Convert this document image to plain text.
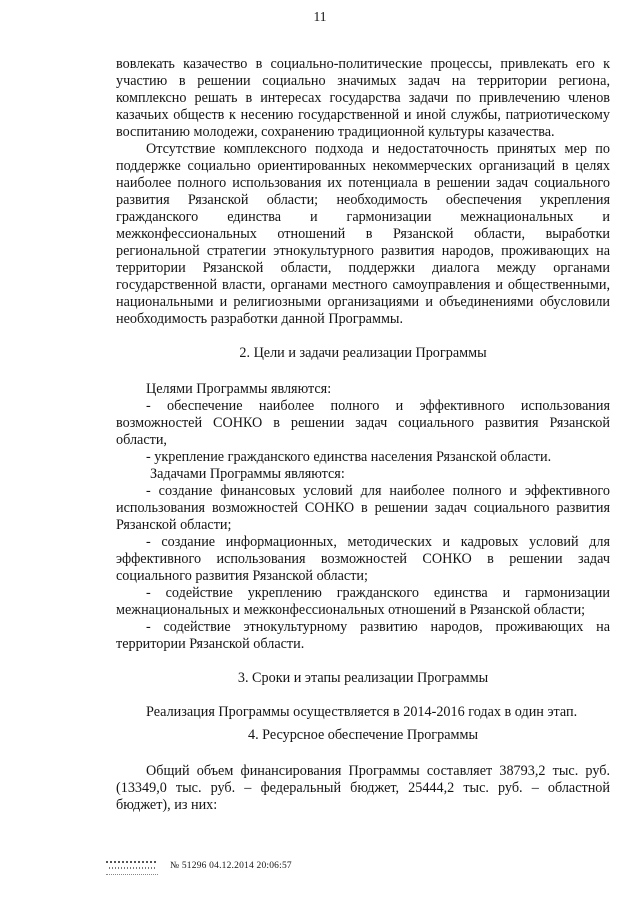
11

вовлекать казачество в социально-политические процессы, привлекать его к участию в решении социально значимых задач на территории региона, комплексно решать в интересах государства задачи по привлечению членов казачьих обществ к несению государственной и иной службы, патриотическому воспитанию молодежи, сохранению традиционной культуры казачества.

Отсутствие комплексного подхода и недостаточность принятых мер по поддержке социально ориентированных некоммерческих организаций в целях наиболее полного использования их потенциала в решении задач социального развития Рязанской области; необходимость обеспечения укрепления гражданского единства и гармонизации межнациональных и межконфессиональных отношений в Рязанской области, выработки региональной стратегии этнокультурного развития народов, проживающих на территории Рязанской области, поддержки диалога между органами государственной власти, органами местного самоуправления и общественными, национальными и религиозными организациями и объединениями обусловили необходимость разработки данной Программы.

2. Цели и задачи реализации Программы

Целями Программы являются:

- обеспечение наиболее полного и эффективного использования возможностей СОНКО в решении задач социального развития Рязанской области,

- укрепление гражданского единства населения Рязанской области.

Задачами Программы являются:

- создание финансовых условий для наиболее полного и эффективного использования возможностей СОНКО в решении задач социального развития Рязанской области;

- создание информационных, методических и кадровых условий для эффективного использования возможностей СОНКО в решении задач социального развития Рязанской области;

- содействие укреплению гражданского единства и гармонизации межнациональных и межконфессиональных отношений в Рязанской области;

- содействие этнокультурному развитию народов, проживающих на территории Рязанской области.

3. Сроки и этапы реализации Программы

Реализация Программы осуществляется в 2014-2016 годах в один этап.

4. Ресурсное обеспечение Программы

Общий объем финансирования Программы составляет 38793,2 тыс. руб. (13349,0 тыс. руб. – федеральный бюджет, 25444,2 тыс. руб. – областной бюджет), из них:

№ 51296 04.12.2014 20:06:57
